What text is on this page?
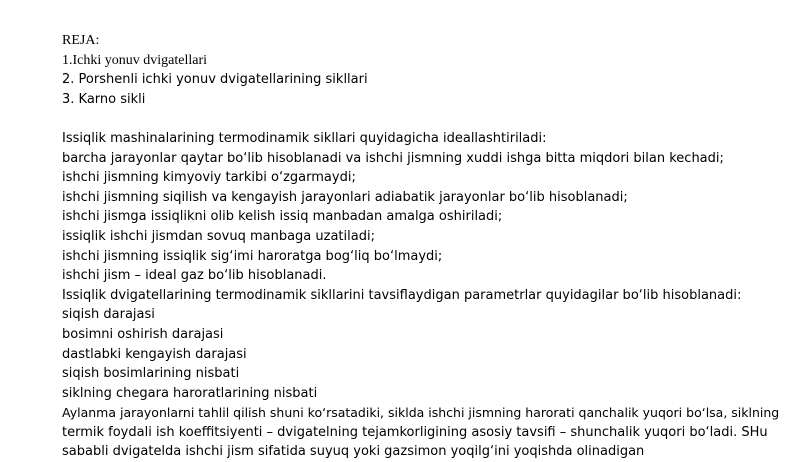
REJA:

1.Ichki yonuv dvigatellari

2. Porshenli ichki yonuv dvigatellarining sikllari

3. Karno sikli

Issiqlik mashinalarining termodinamik sikllari quyidagicha ideallashtiriladi:

barcha jarayonlar qaytar bo‘lib hisoblanadi va ishchi jismning xuddi ishga bitta miqdori bilan kechadi;

ishchi jismning kimyoviy tarkibi o‘zgarmaydi;

ishchi jismning siqilish va kengayish jarayonlari adiabatik jarayonlar bo‘lib hisoblanadi;

ishchi jismga issiqlikni olib kelish issiq manbadan amalga oshiriladi;

issiqlik ishchi jismdan sovuq manbaga uzatiladi;

ishchi jismning issiqlik sig‘imi haroratga bog‘liq bo‘lmaydi;

ishchi jism – ideal gaz bo‘lib hisoblanadi.

Issiqlik dvigatellarining termodinamik sikllarini tavsiflaydigan parametrlar quyidagilar bo‘lib hisoblanadi:

siqish darajasi

bosimni oshirish darajasi

dastlabki kengayish darajasi

siqish bosimlarining nisbati

siklning chegara haroratlarining nisbati

Aylanma jarayonlarni tahlil qilish shuni ko‘rsatadiki, siklda ishchi jismning harorati qanchalik yuqori bo‘lsa, siklning

termik foydali ish koeffitsiyenti – dvigatelning tejamkorligining asosiy tavsifi – shunchalik yuqori bo‘ladi. SHu

sababli dvigatelda ishchi jism sifatida suyuq yoki gazsimon yoqilg‘ini yoqishda olinadigan
